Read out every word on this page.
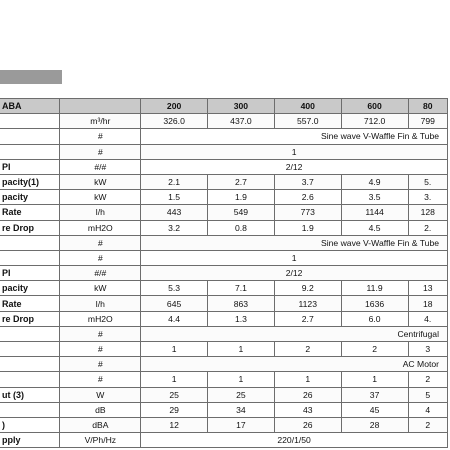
ABA		200	300	400	600	80
	m³/hr	326.0	437.0	557.0	712.0	799
	#	Sine wave V-Waffle Fin & Tube				
	#	1				
PI	#/#	2/12				
pacity(1)	kW	2.1	2.7	3.7	4.9	5.
pacity	kW	1.5	1.9	2.6	3.5	3.
Rate	l/h	443	549	773	1144	128
re Drop	mH2O	3.2	0.8	1.9	4.5	2.
	#	Sine wave V-Waffle Fin & Tube				
	#	1				
PI	#/#	2/12				
pacity	kW	5.3	7.1	9.2	11.9	13
Rate	l/h	645	863	1123	1636	18
re Drop	mH2O	4.4	1.3	2.7	6.0	4.
	#	Centrifugal				
	#	1	1	2	2	3
	#	AC Motor				
	#	1	1	1	1	2
ut (3)	W	25	25	26	37	5
	dB	29	34	43	45	4
)	dBA	12	17	26	28	2
pply	V/Ph/Hz	220/1/50				
